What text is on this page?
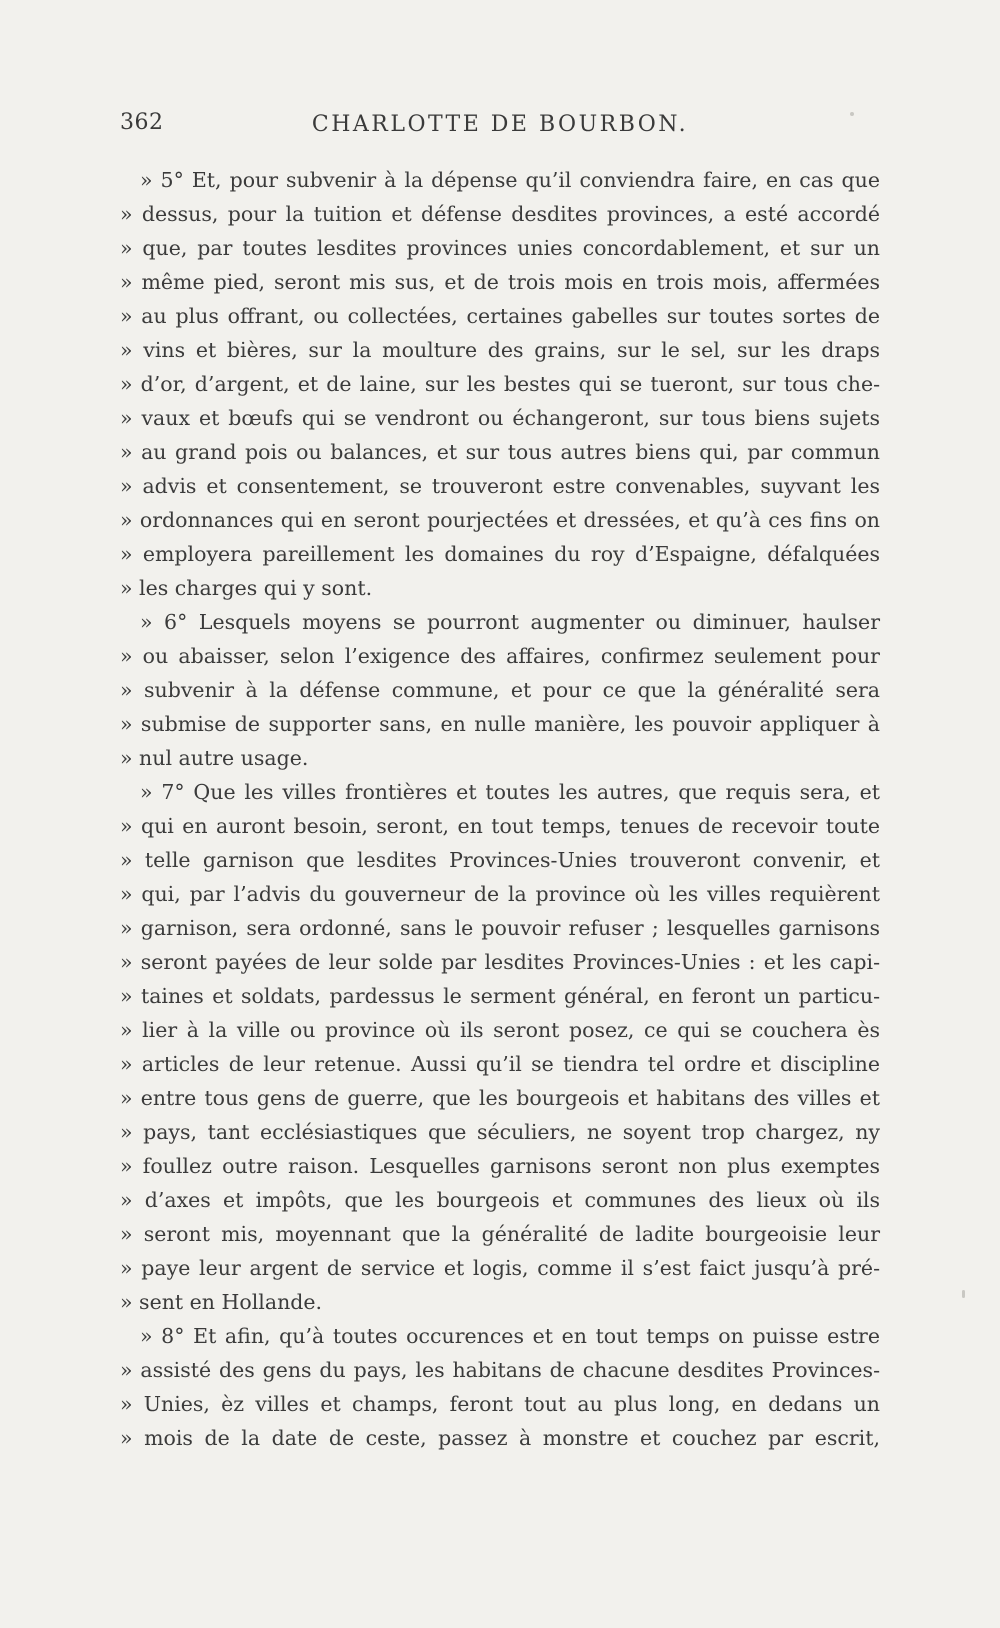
362	CHARLOTTE DE BOURBON.
» 5° Et, pour subvenir à la dépense qu’il conviendra faire, en cas que
» dessus, pour la tuition et défense desdites provinces, a esté accordé
» que, par toutes lesdites provinces unies concordablement, et sur un
» même pied, seront mis sus, et de trois mois en trois mois, affermées
» au plus offrant, ou collectées, certaines gabelles sur toutes sortes de
» vins et bières, sur la moulture des grains, sur le sel, sur les draps
» d’or, d’argent, et de laine, sur les bestes qui se tueront, sur tous che-
» vaux et bœufs qui se vendront ou échangeront, sur tous biens sujets
» au grand pois ou balances, et sur tous autres biens qui, par commun
» advis et consentement, se trouveront estre convenables, suyvant les
» ordonnances qui en seront pourjectées et dressées, et qu’à ces fins on
» employera pareillement les domaines du roy d’Espaigne, défalquées
» les charges qui y sont.
» 6° Lesquels moyens se pourront augmenter ou diminuer, haulser
» ou abaisser, selon l’exigence des affaires, confirmez seulement pour
» subvenir à la défense commune, et pour ce que la généralité sera
» submise de supporter sans, en nulle manière, les pouvoir appliquer à
» nul autre usage.
» 7° Que les villes frontières et toutes les autres, que requis sera, et
» qui en auront besoin, seront, en tout temps, tenues de recevoir toute
» telle garnison que lesdites Provinces-Unies trouveront convenir, et
» qui, par l’advis du gouverneur de la province où les villes requièrent
» garnison, sera ordonné, sans le pouvoir refuser ; lesquelles garnisons
» seront payées de leur solde par lesdites Provinces-Unies : et les capi-
» taines et soldats, pardessus le serment général, en feront un particu-
» lier à la ville ou province où ils seront posez, ce qui se couchera ès
» articles de leur retenue. Aussi qu’il se tiendra tel ordre et discipline
» entre tous gens de guerre, que les bourgeois et habitans des villes et
» pays, tant ecclésiastiques que séculiers, ne soyent trop chargez, ny
» foullez outre raison. Lesquelles garnisons seront non plus exemptes
» d’axes et impôts, que les bourgeois et communes des lieux où ils
» seront mis, moyennant que la généralité de ladite bourgeoisie leur
» paye leur argent de service et logis, comme il s’est faict jusqu’à pré-
» sent en Hollande.
» 8° Et afin, qu’à toutes occurences et en tout temps on puisse estre
» assisté des gens du pays, les habitans de chacune desdites Provinces-
» Unies, èz villes et champs, feront tout au plus long, en dedans un
» mois de la date de ceste, passez à monstre et couchez par escrit,
